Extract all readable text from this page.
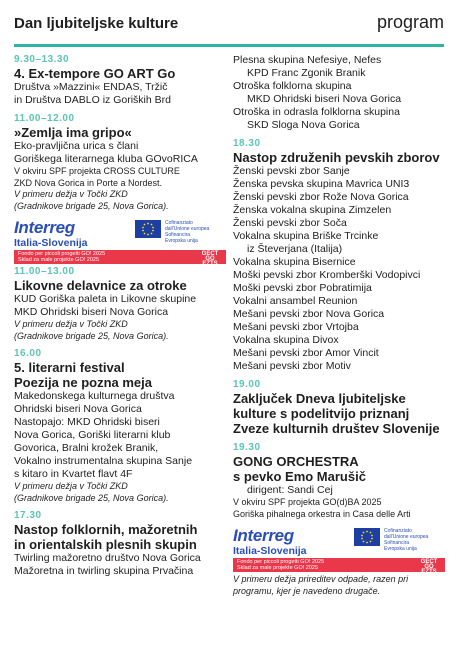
Dan ljubiteljske kulture	program

9.30–13.30

4. Ex-tempore GO ART Go

Društva »Mazzini« ENDAS, Tržič

in Društva DABLO iz Goriških Brd

11.00–12.00

»Zemlja ima gripo«

Eko-pravljična urica s člani

Goriškega literarnega kluba GOvoRICA

V okviru SPF projekta CROSS CULTURE

ZKD Nova Gorica in Porte a Nordest.

V primeru dežja v Točki ZKD

(Gradnikove brigade 25, Nova Gorica).

Interreg
Italia-Slovenija
Cofinanziato
dall'Unione europea
Sofinancira
Evropska unija
Fondo per piccoli progetti GO! 2025
Sklad za male projekte GO! 2025
GECT GO EZTS

11.00–13.00

Likovne delavnice za otroke

KUD Goriška paleta in Likovne skupine

MKD Ohridski biseri Nova Gorica

V primeru dežja v Točki ZKD

(Gradnikove brigade 25, Nova Gorica).

16.00

5. literarni festival

Poezija ne pozna meja

Makedonskega kulturnega društva

Ohridski biseri Nova Gorica

Nastopajo: MKD Ohridski biseri

Nova Gorica, Goriški literarni klub

Govorica, Bralni krožek Branik,

Vokalno instrumentalna skupina Sanje

s kitaro in Kvartet flavt 4F

V primeru dežja v Točki ZKD

(Gradnikove brigade 25, Nova Gorica).

17.30

Nastop folklornih, mažoretnih

in orientalskih plesnih skupin

Twirling mažoretno društvo Nova Gorica

Mažoretna in twirling skupina Prvačina

Plesna skupina Nefesiye, Nefes

KPD Franc Zgonik Branik

Otroška folklorna skupina

MKD Ohridski biseri Nova Gorica

Otroška in odrasla folklorna skupina

SKD Sloga Nova Gorica

18.30

Nastop združenih pevskih zborov

Ženski pevski zbor Sanje

Ženska pevska skupina Mavrica UNI3

Ženski pevski zbor Rože Nova Gorica

Ženska vokalna skupina Zimzelen

Ženski pevski zbor Soča

Vokalna skupina Briške Trcinke

iz Števerjana (Italija)

Vokalna skupina Bisernice

Moški pevski zbor Kromberški Vodopivci

Moški pevski zbor Pobratimija

Vokalni ansambel Reunion

Mešani pevski zbor Nova Gorica

Mešani pevski zbor Vrtojba

Vokalna skupina Divox

Mešani pevski zbor Amor Vincit

Mešani pevski zbor Motiv

19.00

Zaključek Dneva ljubiteljske

kulture s podelitvijo priznanj

Zveze kulturnih društev Slovenije

19.30

GONG ORCHESTRA

s pevko Emo Marušič

dirigent: Sandi Cej

V okviru SPF projekta GO(d)BA 2025

Goriška pihalnega orkestra in Casa delle Arti

Interreg
Italia-Slovenija
Cofinanziato
dall'Unione europea
Sofinancira
Evropska unija
Fondo per piccoli progetti GO! 2025
Sklad za male projekte GO! 2025
GECT GO EZTS

V primeru dežja prireditev odpade, razen pri

programu, kjer je navedeno drugače.
